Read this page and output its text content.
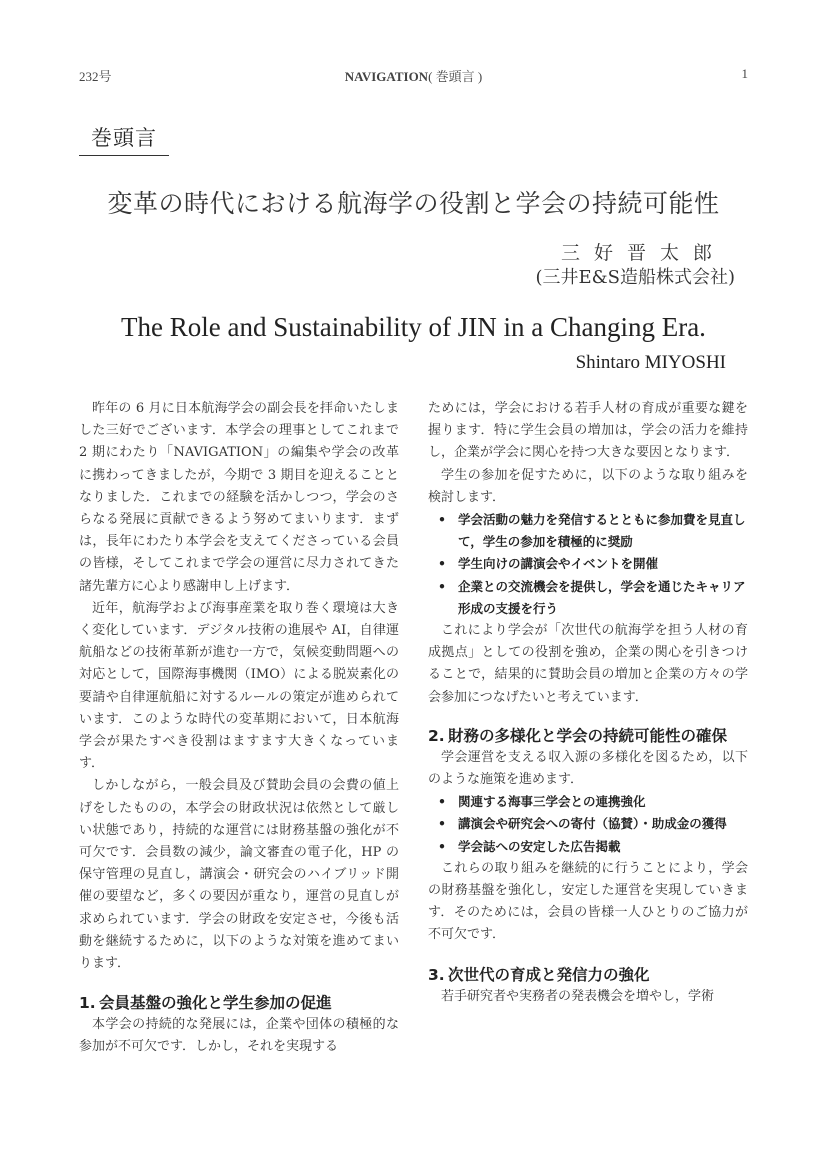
232号	NAVIGATION( 巻頭言 )	1
巻頭言
変革の時代における航海学の役割と学会の持続可能性
三好晋太郎
(三井E&S造船株式会社)
The Role and Sustainability of JIN in a Changing Era.
Shintaro MIYOSHI

昨年の 6 月に日本航海学会の副会長を拝命いたしました三好でございます．本学会の理事としてこれまで 2 期にわたり「NAVIGATION」の編集や学会の改革に携わってきましたが，今期で 3 期目を迎えることとなりました．これまでの経験を活かしつつ，学会のさらなる発展に貢献できるよう努めてまいります．まずは，長年にわたり本学会を支えてくださっている会員の皆様，そしてこれまで学会の運営に尽力されてきた諸先輩方に心より感謝申し上げます．

近年，航海学および海事産業を取り巻く環境は大きく変化しています．デジタル技術の進展や AI，自律運航船などの技術革新が進む一方で，気候変動問題への対応として，国際海事機関（IMO）による脱炭素化の要請や自律運航船に対するルールの策定が進められています．このような時代の変革期において，日本航海学会が果たすべき役割はますます大きくなっています．

しかしながら，一般会員及び賛助会員の会費の値上げをしたものの，本学会の財政状況は依然として厳しい状態であり，持続的な運営には財務基盤の強化が不可欠です．会員数の減少，論文審査の電子化，HP の保守管理の見直し，講演会・研究会のハイブリッド開催の要望など，多くの要因が重なり，運営の見直しが求められています．学会の財政を安定させ，今後も活動を継続するために，以下のような対策を進めてまいります．

1. 会員基盤の強化と学生参加の促進

本学会の持続的な発展には，企業や団体の積極的な参加が不可欠です．しかし，それを実現する

ためには，学会における若手人材の育成が重要な鍵を握ります．特に学生会員の増加は，学会の活力を維持し，企業が学会に関心を持つ大きな要因となります．

学生の参加を促すために，以下のような取り組みを検討します．

• 学会活動の魅力を発信するとともに参加費を見直して，学生の参加を積極的に奨励
• 学生向けの講演会やイベントを開催
• 企業との交流機会を提供し，学会を通じたキャリア形成の支援を行う

これにより学会が「次世代の航海学を担う人材の育成拠点」としての役割を強め，企業の関心を引きつけることで，結果的に賛助会員の増加と企業の方々の学会参加につなげたいと考えています．

2. 財務の多様化と学会の持続可能性の確保

学会運営を支える収入源の多様化を図るため，以下のような施策を進めます．

• 関連する海事三学会との連携強化
• 講演会や研究会への寄付（協賛）・助成金の獲得
• 学会誌への安定した広告掲載

これらの取り組みを継続的に行うことにより，学会の財務基盤を強化し，安定した運営を実現していきます．そのためには，会員の皆様一人ひとりのご協力が不可欠です．

3. 次世代の育成と発信力の強化

若手研究者や実務者の発表機会を増やし，学術
